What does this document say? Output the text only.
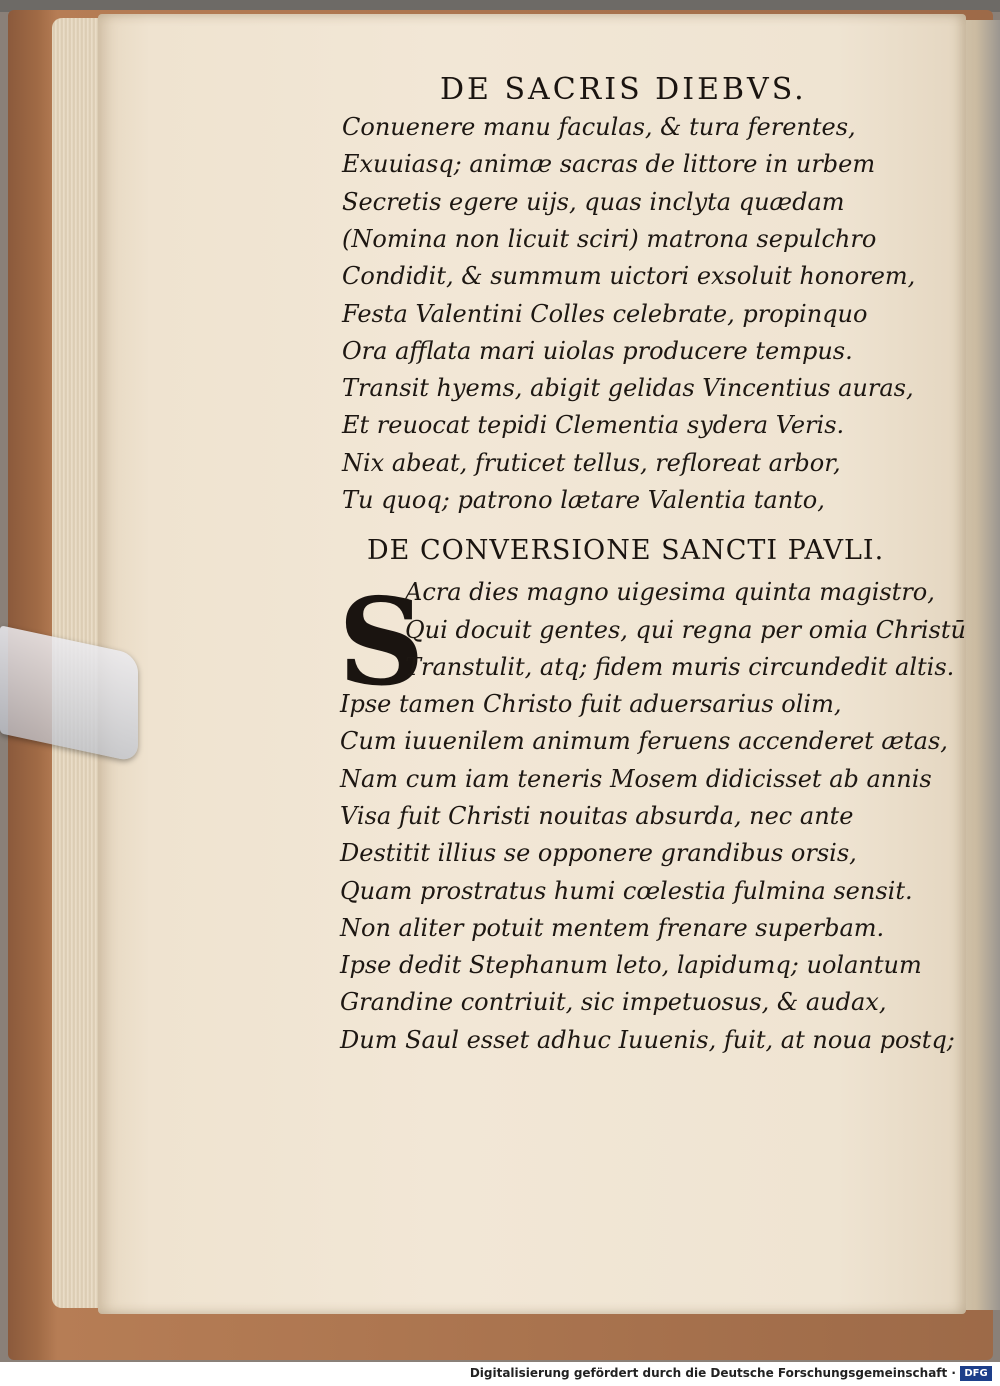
DE SACRIS DIEBVS.
Conuenere manu faculas, & tura ferentes,
Exuuiasq; animæ sacras de littore in urbem
Secretis egere uijs, quas inclyta quædam
(Nomina non licuit sciri) matrona sepulchro
Condidit, & summum uictori exsoluit honorem,
Festa Valentini Colles celebrate, propinquo
Ora afflata mari uiolas producere tempus.
Transit hyems, abigit gelidas Vincentius auras,
Et reuocat tepidi Clementia sydera Veris.
Nix abeat, fruticet tellus, refloreat arbor,
Tu quoq; patrono lætare Valentia tanto,
DE CONVERSIONE SANCTI PAVLI.
S
Acra dies magno uigesima quinta magistro,
Qui docuit gentes, qui regna per omia Christū
Transtulit, atq; fidem muris circundedit altis.
Ipse tamen Christo fuit aduersarius olim,
Cum iuuenilem animum feruens accenderet ætas,
Nam cum iam teneris Mosem didicisset ab annis
Visa fuit Christi nouitas absurda, nec ante
Destitit illius se opponere grandibus orsis,
Quam prostratus humi cœlestia fulmina sensit.
Non aliter potuit mentem frenare superbam.
Ipse dedit Stephanum leto, lapidumq; uolantum
Grandine contriuit, sic impetuosus, & audax,
Dum Saul esset adhuc Iuuenis, fuit, at noua postq;
Digitalisierung gefördert durch die Deutsche Forschungsgemeinschaft · DFG
